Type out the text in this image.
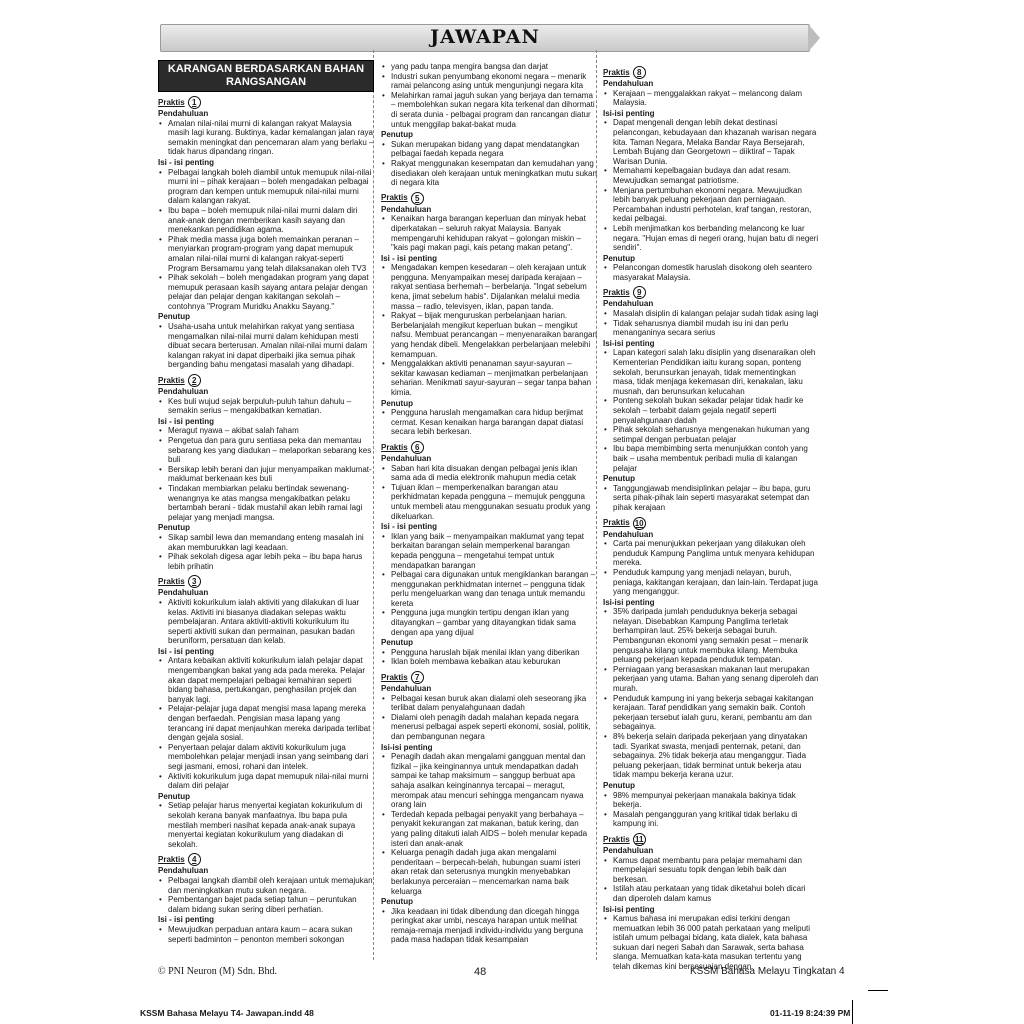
JAWAPAN
KARANGAN BERDASARKAN BAHAN RANGSANGAN
Praktis 1
Pendahuluan
• Amalan nilai-nilai murni di kalangan rakyat Malaysia masih lagi kurang. Buktinya, kadar kemalangan jalan raya semakin meningkat dan pencemaran alam yang berlaku – tidak harus dipandang ringan.
Isi - isi penting
• Pelbagai langkah boleh diambil untuk memupuk nilai-nilai murni ini – pihak kerajaan – boleh mengadakan pelbagai program dan kempen untuk memupuk nilai-nilai murni dalam kalangan rakyat.
• Ibu bapa – boleh memupuk nilai-nilai murni dalam diri anak-anak dengan memberikan kasih sayang dan menekankan pendidikan agama.
• Pihak media massa juga boleh memainkan peranan – menyiarkan program-program yang dapat memupuk amalan nilai-nilai murni di kalangan rakyat-seperti Program Bersamamu yang telah dilaksanakan oleh TV3
• Pihak sekolah – boleh mengadakan program yang dapat memupuk perasaan kasih sayang antara pelajar dengan pelajar dan pelajar dengan kakitangan sekolah – contohnya "Program Muridku Anakku Sayang."
Penutup
• Usaha-usaha untuk melahirkan rakyat yang sentiasa mengamalkan nilai-nilai murni dalam kehidupan mesti dibuat secara berterusan. Amalan nilai-nilai murni dalam kalangan rakyat ini dapat diperbaiki jika semua pihak berganding bahu mengatasi masalah yang dihadapi.
Praktis 2
Pendahuluan
• Kes buli wujud sejak berpuluh-puluh tahun dahulu – semakin serius – mengakibatkan kematian.
Isi - isi penting
• Meragut nyawa – akibat salah faham
• Pengetua dan para guru sentiasa peka dan memantau sebarang kes yang diadukan – melaporkan sebarang kes buli
• Bersikap lebih berani dan jujur menyampaikan maklumat-maklumat berkenaan kes buli
• Tindakan membiarkan pelaku bertindak sewenang-wenangnya ke atas mangsa mengakibatkan pelaku bertambah berani - tidak mustahil akan lebih ramai lagi pelajar yang menjadi mangsa.
Penutup
• Sikap sambil lewa dan memandang enteng masalah ini akan memburukkan lagi keadaan.
• Pihak sekolah digesa agar lebih peka – ibu bapa harus lebih prihatin
Praktis 3
Pendahuluan
• Aktiviti kokurikulum ialah aktiviti yang dilakukan di luar kelas. Aktiviti ini biasanya diadakan selepas waktu pembelajaran. Antara aktiviti-aktiviti kokurikulum itu seperti aktiviti sukan dan permainan, pasukan badan beruniform, persatuan dan kelab.
Isi - isi penting
• Antara kebaikan aktiviti kokurikulum ialah pelajar dapat mengembangkan bakat yang ada pada mereka. Pelajar akan dapat mempelajari pelbagai kemahiran seperti bidang bahasa, pertukangan, penghasilan projek dan banyak lagi.
• Pelajar-pelajar juga dapat mengisi masa lapang mereka dengan berfaedah. Pengisian masa lapang yang terancang ini dapat menjauhkan mereka daripada terlibat dengan gejala sosial.
• Penyertaan pelajar dalam aktiviti kokurikulum juga membolehkan pelajar menjadi insan yang seimbang dari segi jasmani, emosi, rohani dan intelek.
• Aktiviti kokurikulum juga dapat memupuk nilai-nilai murni dalam diri pelajar
Penutup
• Setiap pelajar harus menyertai kegiatan kokurikulum di sekolah kerana banyak manfaatnya. Ibu bapa pula mestilah memberi nasihat kepada anak-anak supaya menyertai kegiatan kokurikulum yang diadakan di sekolah.
Praktis 4
Pendahuluan
• Pelbagai langkah diambil oleh kerajaan untuk memajukan dan meningkatkan mutu sukan negara.
• Pembentangan bajet pada setiap tahun – peruntukan dalam bidang sukan sering diberi perhatian.
Isi - isi penting
• Mewujudkan perpaduan antara kaum – acara sukan seperti badminton – penonton memberi sokongan
• yang padu tanpa mengira bangsa dan darjat
• Industri sukan penyumbang ekonomi negara – menarik ramai pelancong asing untuk mengunjungi negara kita
• Melahirkan ramai jaguh sukan yang berjaya dan ternama – membolehkan sukan negara kita terkenal dan dihormati di serata dunia - pelbagai program dan rancangan diatur untuk menggilap bakat-bakat muda
Penutup
• Sukan merupakan bidang yang dapat mendatangkan pelbagai faedah kepada negara
• Rakyat menggunakan kesempatan dan kemudahan yang disediakan oleh kerajaan untuk meningkatkan mutu sukan di negara kita
Praktis 5
Pendahuluan
• Kenaikan harga barangan keperluan dan minyak hebat diperkatakan – seluruh rakyat Malaysia. Banyak mempengaruhi kehidupan rakyat – golongan miskin – "kais pagi makan pagi, kais petang makan petang".
Isi - isi penting
• Mengadakan kempen kesedaran – oleh kerajaan untuk pengguna. Menyampaikan mesej daripada kerajaan – rakyat sentiasa berhemah – berbelanja. "Ingat sebelum kena, jimat sebelum habis". Dijalankan melalui media massa – radio, televisyen, iklan, papan tanda.
• Rakyat – bijak menguruskan perbelanjaan harian. Berbelanjalah mengikut keperluan bukan – mengikut nafsu. Membuat perancangan – menyenaraikan barangan yang hendak dibeli. Mengelakkan perbelanjaan melebihi kemampuan.
• Menggalakkan aktiviti penanaman sayur-sayuran – sekitar kawasan kediaman – menjimatkan perbelanjaan seharian. Menikmati sayur-sayuran – segar tanpa bahan kimia.
Penutup
• Pengguna haruslah mengamalkan cara hidup berjimat cermat. Kesan kenaikan harga barangan dapat diatasi secara lebih berkesan.
Praktis 6
Pendahuluan
• Saban hari kita disuakan dengan pelbagai jenis iklan sama ada di media elektronik mahupun media cetak
• Tujuan iklan – memperkenalkan barangan atau perkhidmatan kepada pengguna – memujuk pengguna untuk membeli atau menggunakan sesuatu produk yang dikeluarkan.
Isi - isi penting
• Iklan yang baik – menyampaikan maklumat yang tepat berkaitan barangan selain memperkenal barangan kepada pengguna – mengetahui tempat untuk mendapatkan barangan
• Pelbagai cara digunakan untuk mengiklankan barangan – menggunakan perkhidmatan internet – pengguna tidak perlu mengeluarkan wang dan tenaga untuk memandu kereta
• Pengguna juga mungkin tertipu dengan iklan yang ditayangkan – gambar yang ditayangkan tidak sama dengan apa yang dijual
Penutup
• Pengguna haruslah bijak menilai iklan yang diberikan
• Iklan boleh membawa kebaikan atau keburukan
Praktis 7
Pendahuluan
• Pelbagai kesan buruk akan dialami oleh seseorang jika terlibat dalam penyalahgunaan dadah
• Dialami oleh penagih dadah malahan kepada negara menerusi pelbagai aspek seperti ekonomi, sosial, politik, dan pembangunan negara
Isi-isi penting
• Penagih dadah akan mengalami gangguan mental dan fizikal – jika keinginannya untuk mendapatkan dadah sampai ke tahap maksimum – sanggup berbuat apa sahaja asalkan keinginannya tercapai – meragut, merompak atau mencuri sehingga mengancam nyawa orang lain
• Terdedah kepada pelbagai penyakit yang berbahaya – penyakit kekurangan zat makanan, batuk kering, dan yang paling ditakuti ialah AIDS – boleh menular kepada isteri dan anak-anak
• Keluarga penagih dadah juga akan mengalami penderitaan – berpecah-belah, hubungan suami isteri akan retak dan seterusnya mungkin menyebabkan berlakunya perceraian – mencemarkan nama baik keluarga
Penutup
• Jika keadaan ini tidak dibendung dan dicegah hingga peringkat akar umbi, nescaya harapan untuk melihat remaja-remaja menjadi individu-individu yang berguna pada masa hadapan tidak kesampaian
Praktis 8
Pendahuluan
• Kerajaan – menggalakkan rakyat – melancong dalam Malaysia.
Isi-isi penting
• Dapat mengenali dengan lebih dekat destinasi pelancongan, kebudayaan dan khazanah warisan negara kita. Taman Negara, Melaka Bandar Raya Bersejarah, Lembah Bujang dan Georgetown – diiktiraf – Tapak Warisan Dunia.
• Memahami kepelbagaian budaya dan adat resam. Mewujudkan semangat patriotisme.
• Menjana pertumbuhan ekonomi negara. Mewujudkan lebih banyak peluang pekerjaan dan perniagaan. Percambahan industri perhotelan, kraf tangan, restoran, kedai pelbagai.
• Lebih menjimatkan kos berbanding melancong ke luar negara. "Hujan emas di negeri orang, hujan batu di negeri sendiri".
Penutup
• Pelancongan domestik haruslah disokong oleh seantero masyarakat Malaysia.
Praktis 9
Pendahuluan
• Masalah disiplin di kalangan pelajar sudah tidak asing lagi
• Tidak seharusnya diambil mudah isu ini dan perlu menanganinya secara serius
Isi-isi penting
• Lapan kategori salah laku disiplin yang disenaraikan oleh Kementerian Pendidikan iaitu kurang sopan, ponteng sekolah, berunsurkan jenayah, tidak mementingkan masa, tidak menjaga kekemasan diri, kenakalan, laku musnah, dan berunsurkan kelucahan
• Ponteng sekolah bukan sekadar pelajar tidak hadir ke sekolah – terbabit dalam gejala negatif seperti penyalahgunaan dadah
• Pihak sekolah seharusnya mengenakan hukuman yang setimpal dengan perbuatan pelajar
• Ibu bapa membimbing serta menunjukkan contoh yang baik – usaha membentuk peribadi mulia di kalangan pelajar
Penutup
• Tanggungjawab mendisiplinkan pelajar – ibu bapa, guru serta pihak-pihak lain seperti masyarakat setempat dan pihak kerajaan
Praktis 10
Pendahuluan
• Carta pai menunjukkan pekerjaan yang dilakukan oleh penduduk Kampung Panglima untuk menyara kehidupan mereka.
• Penduduk kampung yang menjadi nelayan, buruh, peniaga, kakitangan kerajaan, dan lain-lain. Terdapat juga yang menganggur.
Isi-isi penting
• 35% daripada jumlah penduduknya bekerja sebagai nelayan. Disebabkan Kampung Panglima terletak berhampiran laut. 25% bekerja sebagai buruh. Pembangunan ekonomi yang semakin pesat – menarik pengusaha kilang untuk membuka kilang. Membuka peluang pekerjaan kepada penduduk tempatan.
• Perniagaan yang berasaskan makanan laut merupakan pekerjaan yang utama. Bahan yang senang diperoleh dan murah.
• Penduduk kampung ini yang bekerja sebagai kakitangan kerajaan. Taraf pendidikan yang semakin baik. Contoh pekerjaan tersebut ialah guru, kerani, pembantu am dan sebagainya.
• 8% bekerja selain daripada pekerjaan yang dinyatakan tadi. Syarikat swasta, menjadi penternak, petani, dan sebagainya. 2% tidak bekerja atau menganggur. Tiada peluang pekerjaan, tidak berminat untuk bekerja atau tidak mampu bekerja kerana uzur.
Penutup
• 98% mempunyai pekerjaan manakala bakinya tidak bekerja.
• Masalah pengangguran yang kritikal tidak berlaku di kampung ini.
Praktis 11
Pendahuluan
• Kamus dapat membantu para pelajar memahami dan mempelajari sesuatu topik dengan lebih baik dan berkesan.
• Istilah atau perkataan yang tidak diketahui boleh dicari dan diperoleh dalam kamus
Isi-isi penting
• Kamus bahasa ini merupakan edisi terkini dengan memuatkan lebih 36 000 patah perkataan yang meliputi istilah umum pelbagai bidang, kata dialek, kata bahasa sukuan dari negeri Sabah dan Sarawak, serta bahasa slanga. Memuatkan kata-kata masukan tertentu yang telah dikemas kini bersesuaian dengan
© PNI Neuron (M) Sdn. Bhd.	48	KSSM Bahasa Melayu Tingkatan 4
KSSM Bahasa Melayu T4- Jawapan.indd 48	01-11-19 8:24:39 PM
